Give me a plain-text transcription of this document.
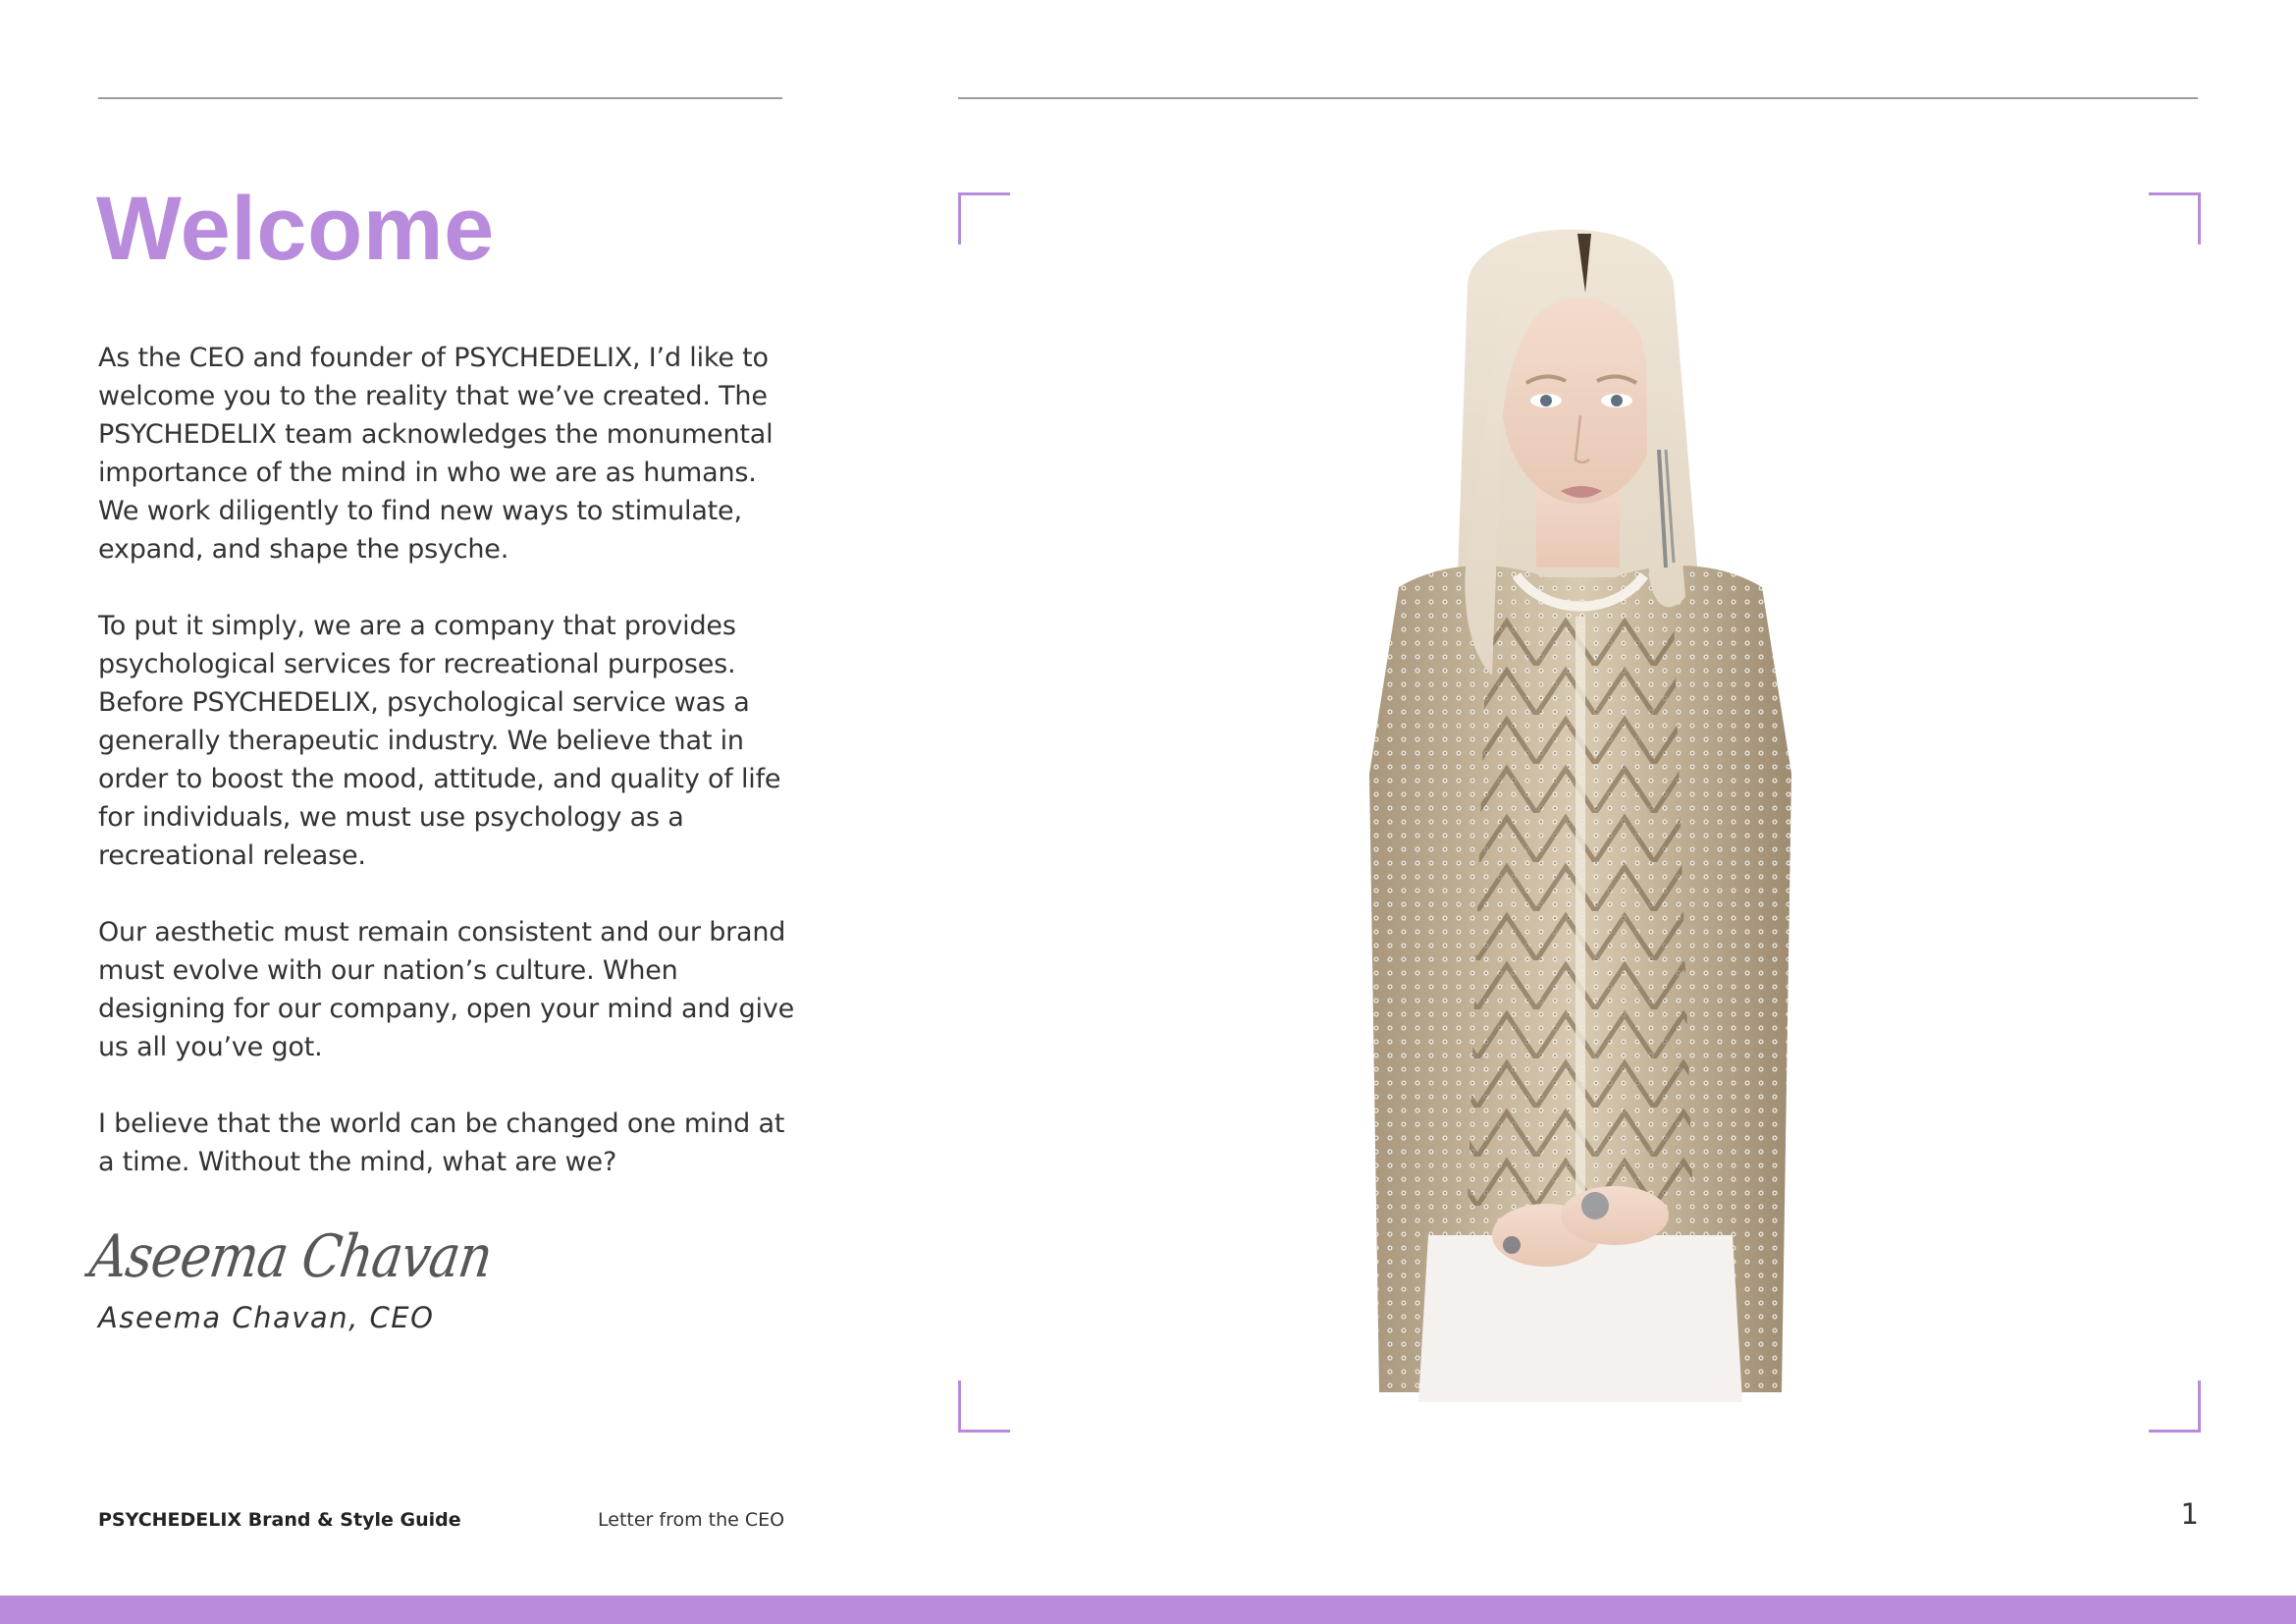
Welcome

As the CEO and founder of PSYCHEDELIX, I’d like to welcome you to the reality that we’ve created. The PSYCHEDELIX team acknowledges the monumental importance of the mind in who we are as humans. We work diligently to find new ways to stimulate, expand, and shape the psyche.

To put it simply, we are a company that provides psychological services for recreational purposes. Before PSYCHEDELIX, psychological service was a generally therapeutic industry. We believe that in order to boost the mood, attitude, and quality of life for individuals, we must use psychology as a recreational release.

Our aesthetic must remain consistent and our brand must evolve with our nation’s culture. When designing for our company, open your mind and give us all you’ve got.

I believe that the world can be changed one mind at a time. Without the mind, what are we?

Aseema Chavan
Aseema Chavan, CEO
PSYCHEDELIX Brand & Style Guide	Letter from the CEO	1
